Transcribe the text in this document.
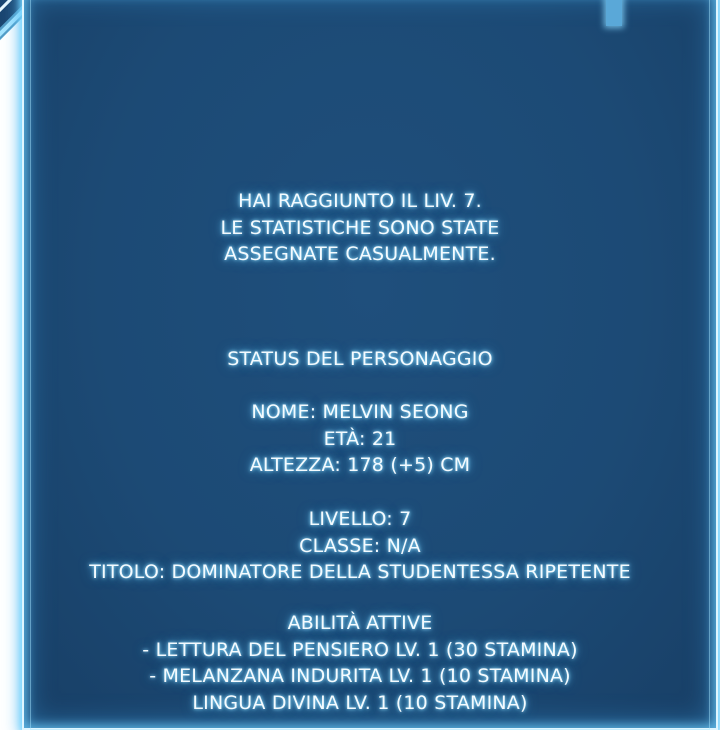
HAI RAGGIUNTO IL LIV. 7.
LE STATISTICHE SONO STATE
ASSEGNATE CASUALMENTE.
STATUS DEL PERSONAGGIO
NOME: MELVIN SEONG
ETÀ: 21
ALTEZZA: 178 (+5) CM
LIVELLO: 7
CLASSE: N/A
TITOLO: DOMINATORE DELLA STUDENTESSA RIPETENTE
ABILITÀ ATTIVE
- LETTURA DEL PENSIERO LV. 1 (30 STAMINA)
- MELANZANA INDURITA LV. 1 (10 STAMINA)
LINGUA DIVINA LV. 1 (10 STAMINA)
